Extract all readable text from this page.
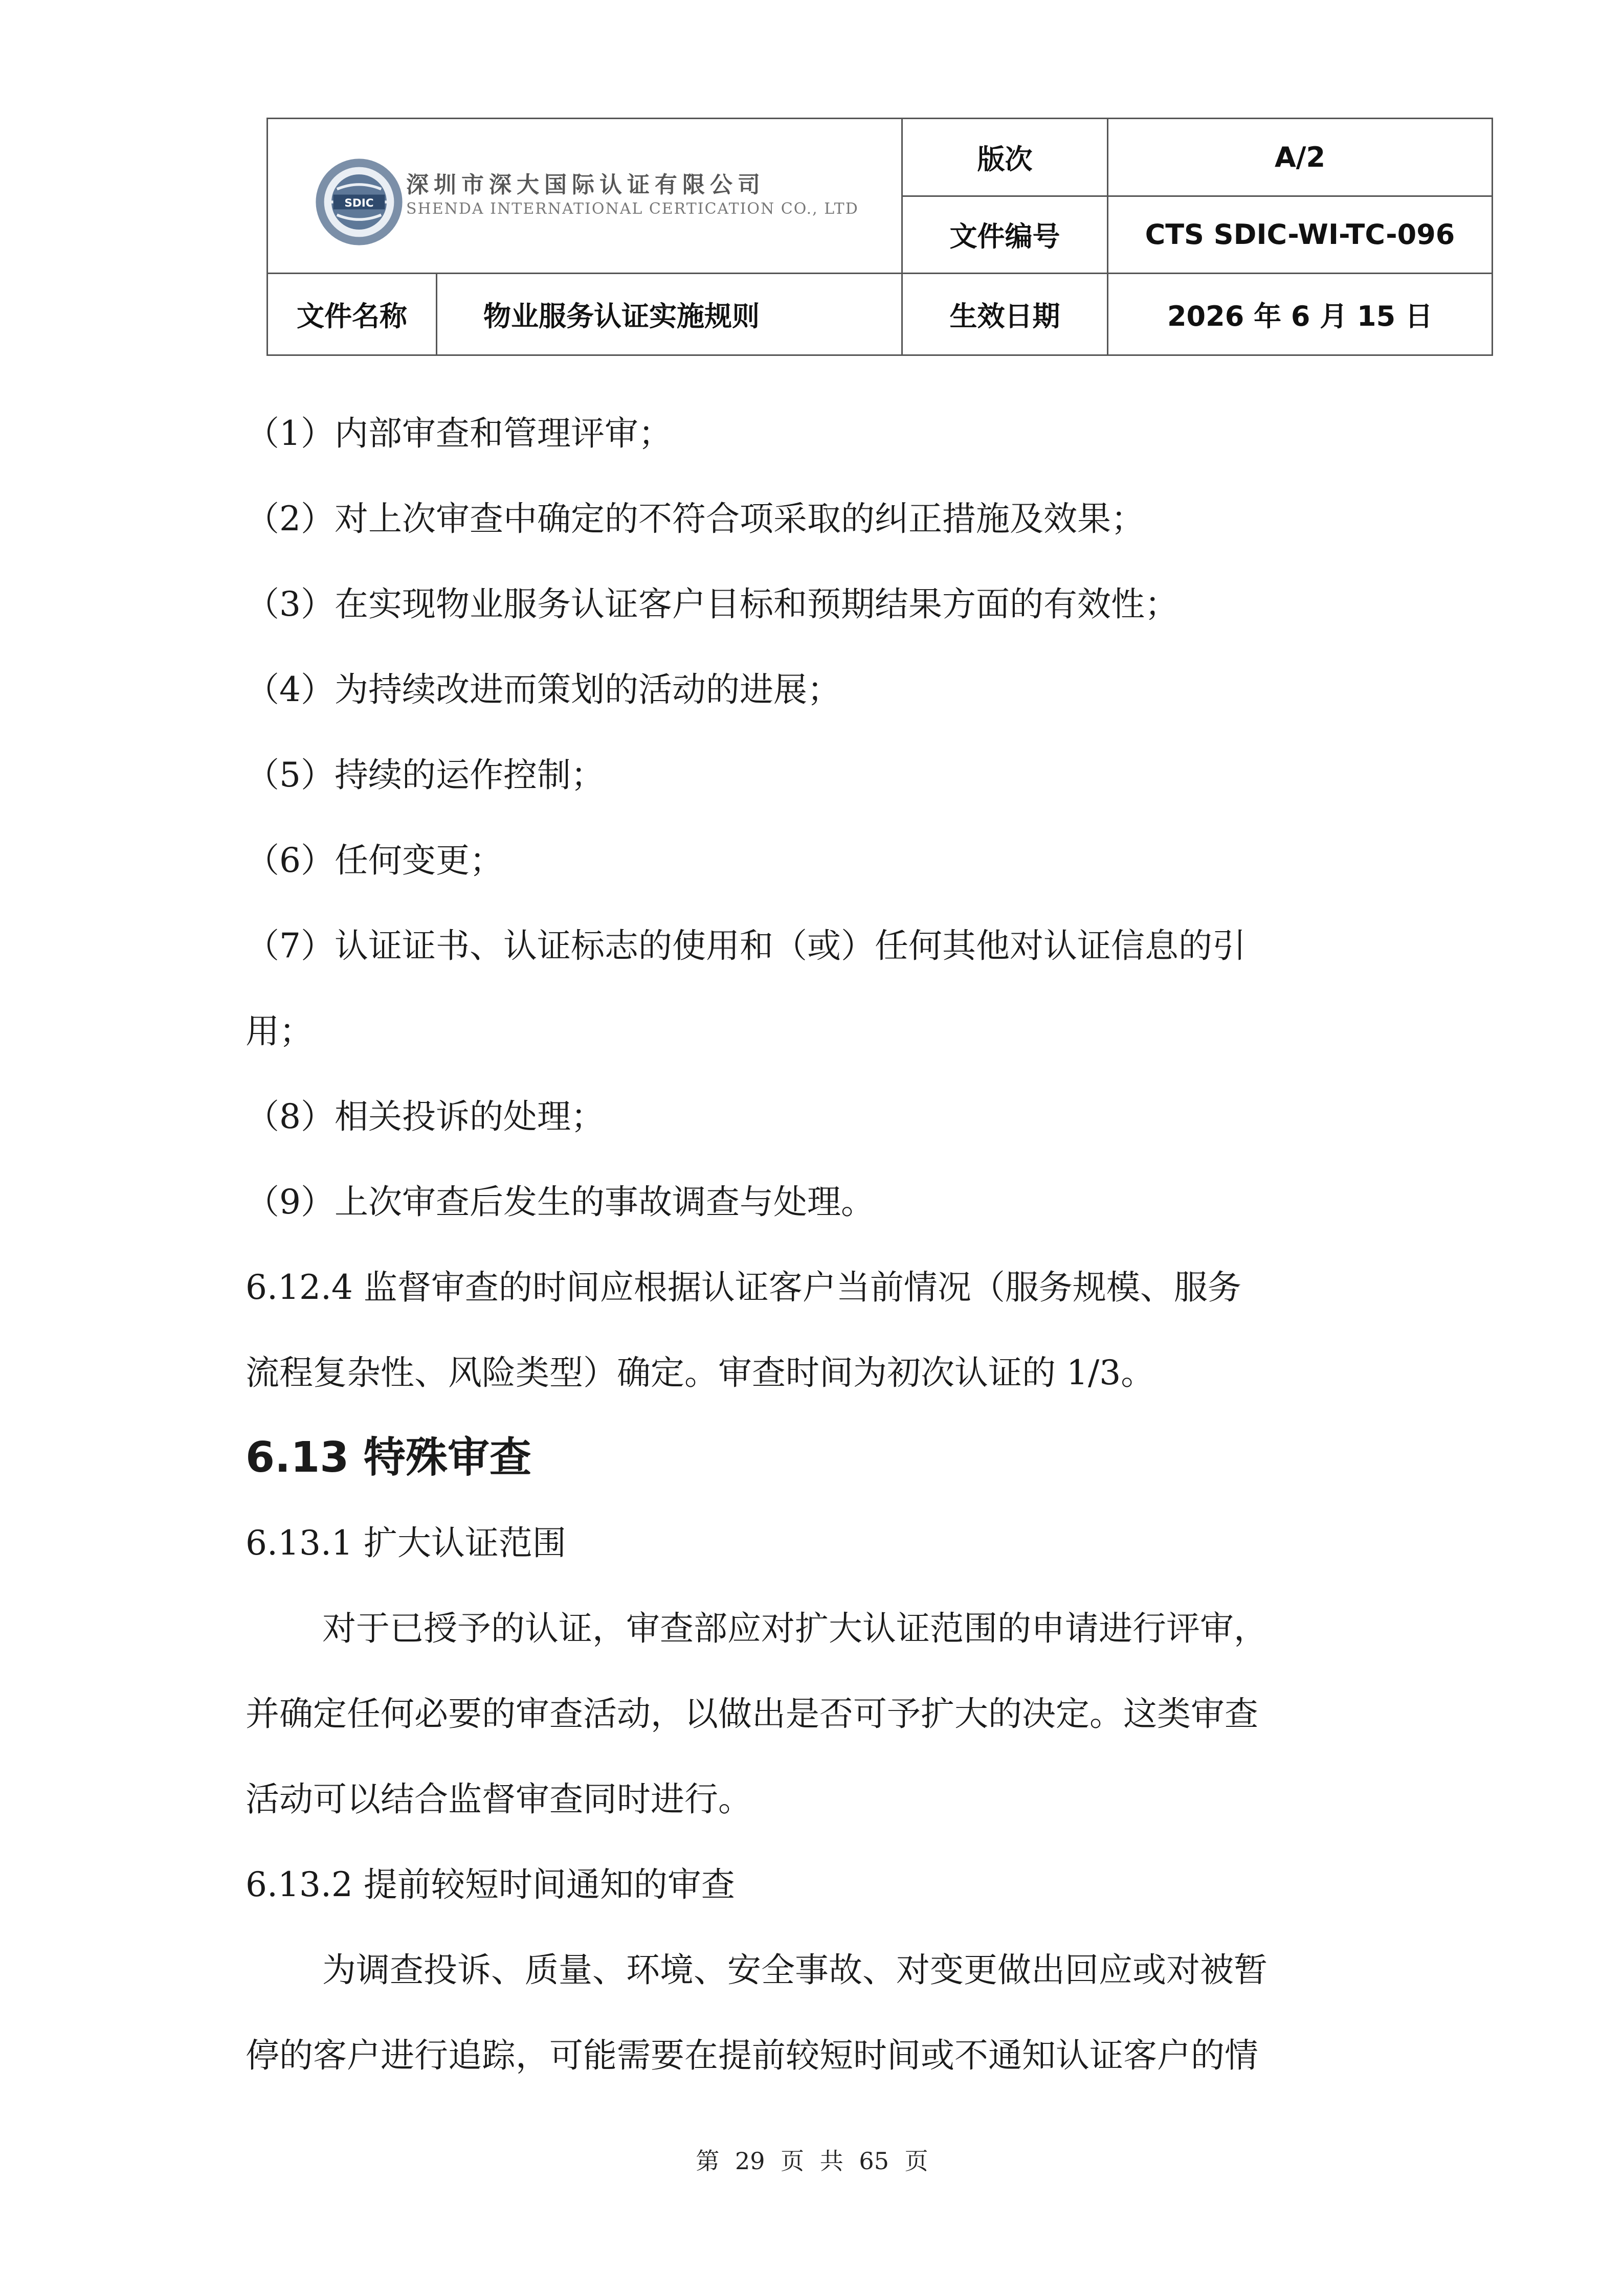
SDIC
深圳市深大国际认证有限公司
SHENDA INTERNATIONAL CERTICATION CO., LTD		版次	A/2
		文件编号	CTS SDIC-WI-TC-096
文件名称	物业服务认证实施规则	生效日期	2026 年 6 月 15 日
（1）内部审查和管理评审；
（2）对上次审查中确定的不符合项采取的纠正措施及效果；
（3）在实现物业服务认证客户目标和预期结果方面的有效性；
（4）为持续改进而策划的活动的进展；
（5）持续的运作控制；
（6）任何变更；
（7）认证证书、认证标志的使用和（或）任何其他对认证信息的引
用；
（8）相关投诉的处理；
（9）上次审查后发生的事故调查与处理。
6.12.4 监督审查的时间应根据认证客户当前情况（服务规模、服务
流程复杂性、风险类型）确定。审查时间为初次认证的 1/3。
6.13 特殊审查
6.13.1 扩大认证范围
对于已授予的认证，审查部应对扩大认证范围的申请进行评审，
并确定任何必要的审查活动，以做出是否可予扩大的决定。这类审查
活动可以结合监督审查同时进行。
6.13.2 提前较短时间通知的审查
为调查投诉、质量、环境、安全事故、对变更做出回应或对被暂
停的客户进行追踪，可能需要在提前较短时间或不通知认证客户的情
第 29 页 共 65 页
